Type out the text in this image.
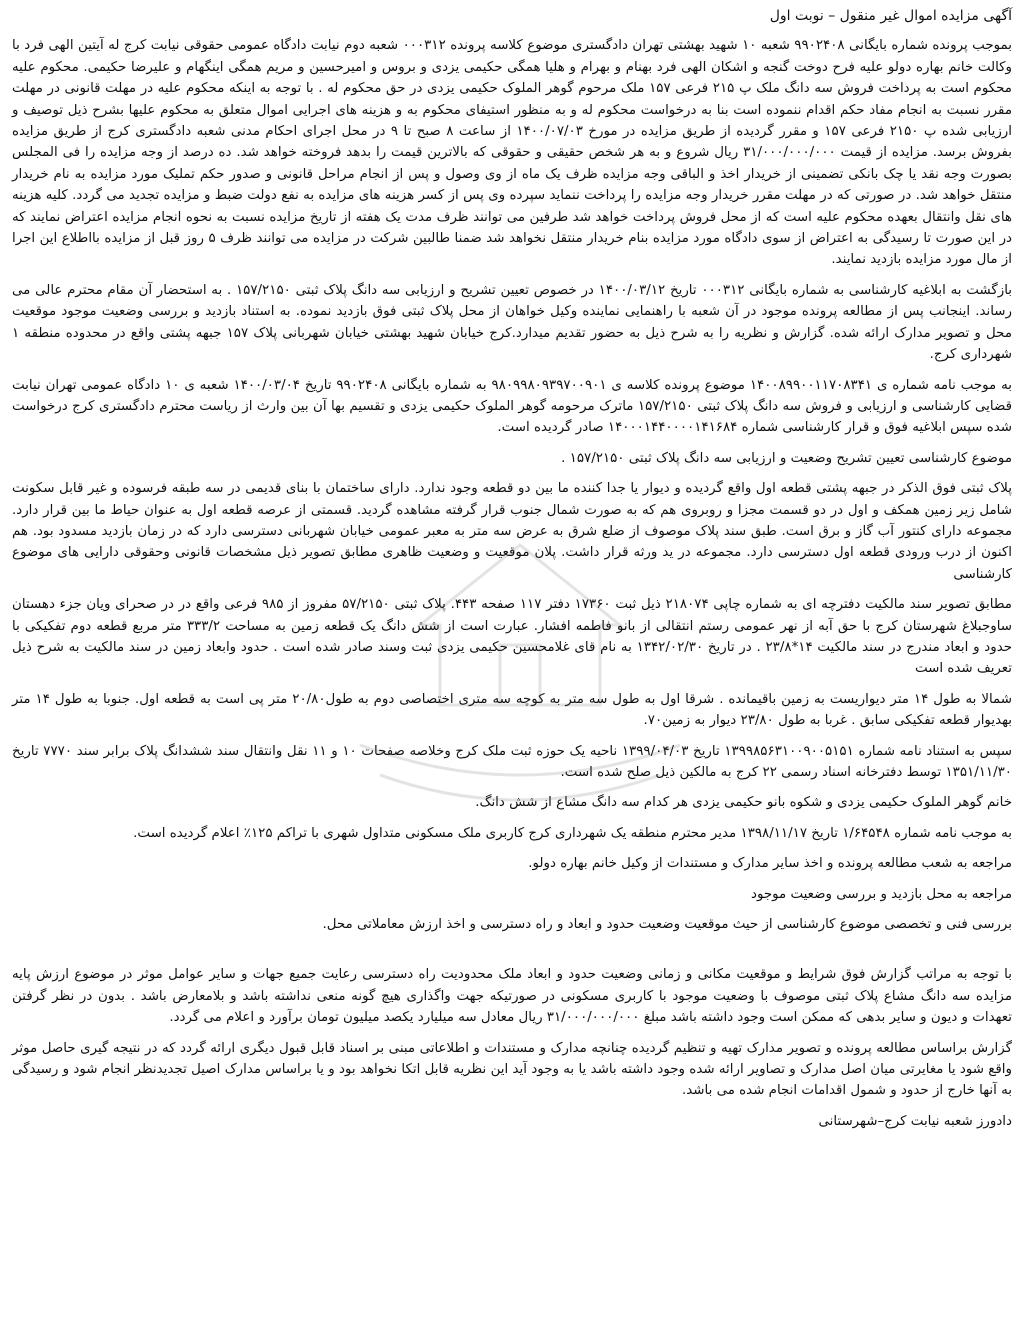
آگهی مزایده اموال غیر منقول – نوبت اول

بموجب پرونده شماره بایگانی ۹۹۰۲۴۰۸ شعبه ۱۰ شهید بهشتی تهران دادگستری موضوع کلاسه پرونده ۰۰۰۳۱۲ شعبه دوم نیابت دادگاه عمومی حقوقی نیابت کرج له آیتین الهی فرد با وکالت خانم بهاره دولو علیه فرح دوخت گنجه و اشکان الهی فرد بهنام و بهرام و هلیا همگی حکیمی یزدی و بروس و امیرحسین و مریم همگی اینگهام و علیرضا حکیمی. محکوم علیه محکوم است به پرداخت فروش سه دانگ ملک پ ۲۱۵ فرعی ۱۵۷ ملک مرحوم گوهر الملوک حکیمی یزدی در حق محکوم له . با توجه به اینکه محکوم علیه در مهلت قانونی در مهلت مقرر نسبت به انجام مفاد حکم اقدام ننموده است بنا به درخواست محکوم له و به منظور استیفای محکوم به و هزینه های اجرایی اموال متعلق به محکوم علیها بشرح ذیل توصیف و ارزیابی شده پ ۲۱۵۰ فرعی ۱۵۷ و مقرر گردیده از طریق مزایده در مورخ ۱۴۰۰/۰۷/۰۳ از ساعت ۸ صبح تا ۹ در محل اجرای احکام مدنی شعبه دادگستری کرج از طریق مزایده بفروش برسد. مزایده از قیمت ۳۱/۰۰۰/۰۰۰/۰۰۰ ریال شروع و به هر شخص حقیقی و حقوقی که بالاترین قیمت را بدهد فروخته خواهد شد. ده درصد از وجه مزایده را فی المجلس بصورت وجه نقد یا چک بانکی تضمینی از خریدار اخذ و الباقی وجه مزایده ظرف یک ماه از وی وصول و پس از انجام مراحل قانونی و صدور حکم تملیک مورد مزایده به نام خریدار منتقل خواهد شد. در صورتی که در مهلت مقرر خریدار وجه مزایده را پرداخت ننماید سپرده وی پس از کسر هزینه های مزایده به نفع دولت ضبط و مزایده تجدید می گردد. کلیه هزینه های نقل وانتقال بعهده محکوم علیه است که از محل فروش پرداخت خواهد شد طرفین می توانند ظرف مدت یک هفته از تاریخ مزایده نسبت به نحوه انجام مزایده اعتراض نمایند که در این صورت تا رسیدگی به اعتراض از سوی دادگاه مورد مزایده بنام خریدار منتقل نخواهد شد ضمنا طالبین شرکت در مزایده می توانند ظرف ۵ روز قبل از مزایده بااطلاع این اجرا از مال مورد مزایده بازدید نمایند.

بازگشت به ابلاغیه کارشناسی به شماره بایگانی ۰۰۰۳۱۲ تاریخ ۱۴۰۰/۰۳/۱۲ در خصوص تعیین تشریح و ارزیابی سه دانگ پلاک ثبتی ۱۵۷/۲۱۵۰ . به استحضار آن مقام محترم عالی می رساند. اینجانب پس از مطالعه پرونده موجود در آن شعبه با راهنمایی نماینده وکیل خواهان از محل پلاک ثبتی فوق بازدید نموده. به استناد بازدید و بررسی وضعیت موجود موقعیت محل و تصویر مدارک ارائه شده. گزارش و نظریه را به شرح ذیل به حضور تقدیم میدارد.کرج خیابان شهید بهشتی خیابان شهربانی پلاک ۱۵۷ جبهه پشتی واقع در محدوده منطقه ۱ شهرداری کرج.

به موجب نامه شماره ی ۱۴۰۰۸۹۹۰۰۱۱۷۰۸۳۴۱ موضوع پرونده کلاسه ی ۹۸۰۹۹۸۰۹۳۹۷۰۰۹۰۱ به شماره بایگانی ۹۹۰۲۴۰۸ تاریخ ۱۴۰۰/۰۳/۰۴ شعبه ی ۱۰ دادگاه عمومی تهران نیابت قضایی کارشناسی و ارزیابی و فروش سه دانگ پلاک ثبتی ۱۵۷/۲۱۵۰ ماترک مرحومه گوهر الملوک حکیمی یزدی و تقسیم بها آن بین وارث از ریاست محترم دادگستری کرج درخواست شده سپس ابلاغیه فوق و قرار کارشناسی شماره ۱۴۰۰۰۱۴۴۰۰۰۰۱۴۱۶۸۴ صادر گردیده است.

موضوع کارشناسی تعیین تشریح وضعیت و ارزیابی سه دانگ پلاک ثبتی ۱۵۷/۲۱۵۰ .

پلاک ثبتی فوق الذکر در جبهه پشتی قطعه اول واقع گردیده و دیوار یا جدا کننده ما بین دو قطعه وجود ندارد. دارای ساختمان با بنای قدیمی در سه طبقه فرسوده و غیر قابل سکونت شامل زیر زمین همکف و اول در دو قسمت مجزا و روبروی هم که به صورت شمال جنوب قرار گرفته مشاهده گردید. قسمتی از عرصه قطعه اول به عنوان حیاط ما بین قرار دارد. مجموعه دارای کنتور آب گاز و برق است. طبق سند پلاک موصوف از ضلع شرق به عرض سه متر به معبر عمومی خیابان شهربانی دسترسی دارد که در زمان بازدید مسدود بود. هم اکنون از درب ورودی قطعه اول دسترسی دارد. مجموعه در ید ورثه قرار داشت. پلان موقعیت و وضعیت ظاهری مطابق تصویر ذیل مشخصات قانونی وحقوقی دارایی های موضوع کارشناسی

مطابق تصویر سند مالکیت دفترچه ای به شماره چاپی ۲۱۸۰۷۴ ذیل ثبت ۱۷۳۶۰ دفتر ۱۱۷ صفحه ۴۴۳. پلاک ثبتی ۵۷/۲۱۵۰ مفروز از ۹۸۵ فرعی واقع در در صحرای ویان جزء دهستان ساوجبلاغ شهرستان کرج با حق آبه از نهر عمومی رستم انتقالی از بانو فاطمه افشار. عبارت است از شش دانگ یک قطعه زمین به مساحت ۳۳۳/۲ متر مربع قطعه دوم تفکیکی با حدود و ابعاد مندرج در سند مالکیت ۱۴*۲۳/۸ . در تاریخ ۱۳۴۲/۰۲/۳۰ به نام قای غلامحسین حکیمی یزدی ثبت وسند صادر شده است . حدود وابعاد زمین در سند مالکیت به شرح ذیل تعریف شده است

شمالا به طول ۱۴ متر دیواریست به زمین باقیمانده . شرقا اول به طول سه متر به کوچه سه متری اختصاصی دوم به طول۲۰/۸۰ متر پی است به قطعه اول. جنوبا به طول ۱۴ متر بهدیوار قطعه تفکیکی سابق . غربا به طول ۲۳/۸۰ دیوار به زمین۷۰.

سپس به استناد نامه شماره ۱۳۹۹۸۵۶۳۱۰۰۹۰۰۵۱۵۱ تاریخ ۱۳۹۹/۰۴/۰۳ ناحیه یک حوزه ثبت ملک کرج وخلاصه صفحات ۱۰ و ۱۱ نقل وانتقال سند ششدانگ پلاک برابر سند ۷۷۷۰ تاریخ ۱۳۵۱/۱۱/۳۰ توسط دفترخانه اسناد رسمی ۲۲ کرج به مالکین ذیل صلح شده است.

خانم گوهر الملوک حکیمی یزدی و شکوه بانو حکیمی یزدی هر کدام سه دانگ مشاع از شش دانگ.

به موجب نامه شماره ۱/۶۴۵۴۸ تاریخ ۱۳۹۸/۱۱/۱۷ مدیر محترم منطقه یک شهرداری کرج کاربری ملک مسکونی متداول شهری با تراکم ۱۲۵٪ اعلام گردیده است.

مراجعه به شعب مطالعه پرونده و اخذ سایر مدارک و مستندات از وکیل خانم بهاره دولو.

مراجعه به محل بازدید و بررسی وضعیت موجود

بررسی فنی و تخصصی موضوع کارشناسی از حیث موقعیت وضعیت حدود و ابعاد و راه دسترسی و اخذ ارزش معاملاتی محل.

با توجه به مراتب گزارش فوق شرایط و موقعیت مکانی و زمانی وضعیت حدود و ابعاد ملک محدودیت راه دسترسی رعایت جمیع جهات و سایر عوامل موثر در موضوع ارزش پایه مزایده سه دانگ مشاع پلاک ثبتی موصوف با وضعیت موجود با کاربری مسکونی در صورتیکه جهت واگذاری هیچ گونه منعی نداشته باشد و بلامعارض باشد . بدون در نظر گرفتن تعهدات و دیون و سایر بدهی که ممکن است وجود داشته باشد مبلغ ۳۱/۰۰۰/۰۰۰/۰۰۰ ریال معادل سه میلیارد یکصد میلیون تومان برآورد و اعلام می گردد.

گزارش براساس مطالعه پرونده و تصویر مدارک تهیه و تنظیم گردیده چنانچه مدارک و مستندات و اطلاعاتی مبنی بر اسناد قابل قبول دیگری ارائه گردد که در نتیجه گیری حاصل موثر واقع شود یا مغایرتی میان اصل مدارک و تصاویر ارائه شده وجود داشته باشد یا به وجود آید این نظریه قابل اتکا نخواهد بود و یا براساس مدارک اصیل تجدیدنظر انجام شود و رسیدگی به آنها خارج از حدود و شمول اقدامات انجام شده می باشد.

دادورز شعبه نیابت کرج–شهرستانی
